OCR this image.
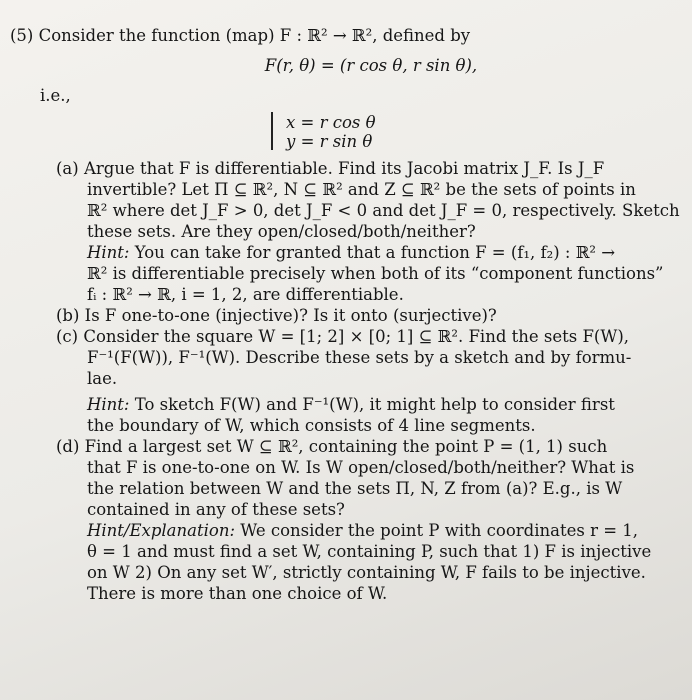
(5) Consider the function (map) F : ℝ² → ℝ², defined by
F(r, θ) = (r cos θ, r sin θ),
i.e.,
x = r cos θ
y = r sin θ
(a) Argue that F is differentiable. Find its Jacobi matrix J_F. Is J_F
invertible? Let Π ⊆ ℝ², N ⊆ ℝ² and Z ⊆ ℝ² be the sets of points in
ℝ² where det J_F > 0, det J_F < 0 and det J_F = 0, respectively. Sketch
these sets. Are they open/closed/both/neither?
Hint: You can take for granted that a function F = (f₁, f₂) : ℝ² →
ℝ² is differentiable precisely when both of its “component functions”
fᵢ : ℝ² → ℝ, i = 1, 2, are differentiable.
(b) Is F one-to-one (injective)? Is it onto (surjective)?
(c) Consider the square W = [1; 2] × [0; 1] ⊆ ℝ². Find the sets F(W),
F⁻¹(F(W)), F⁻¹(W). Describe these sets by a sketch and by formu-
lae.
Hint: To sketch F(W) and F⁻¹(W), it might help to consider first
the boundary of W, which consists of 4 line segments.
(d) Find a largest set W ⊆ ℝ², containing the point P = (1, 1) such
that F is one-to-one on W. Is W open/closed/both/neither? What is
the relation between W and the sets Π, N, Z from (a)? E.g., is W
contained in any of these sets?
Hint/Explanation: We consider the point P with coordinates r = 1,
θ = 1 and must find a set W, containing P, such that 1) F is injective
on W 2) On any set W′, strictly containing W, F fails to be injective.
There is more than one choice of W.
